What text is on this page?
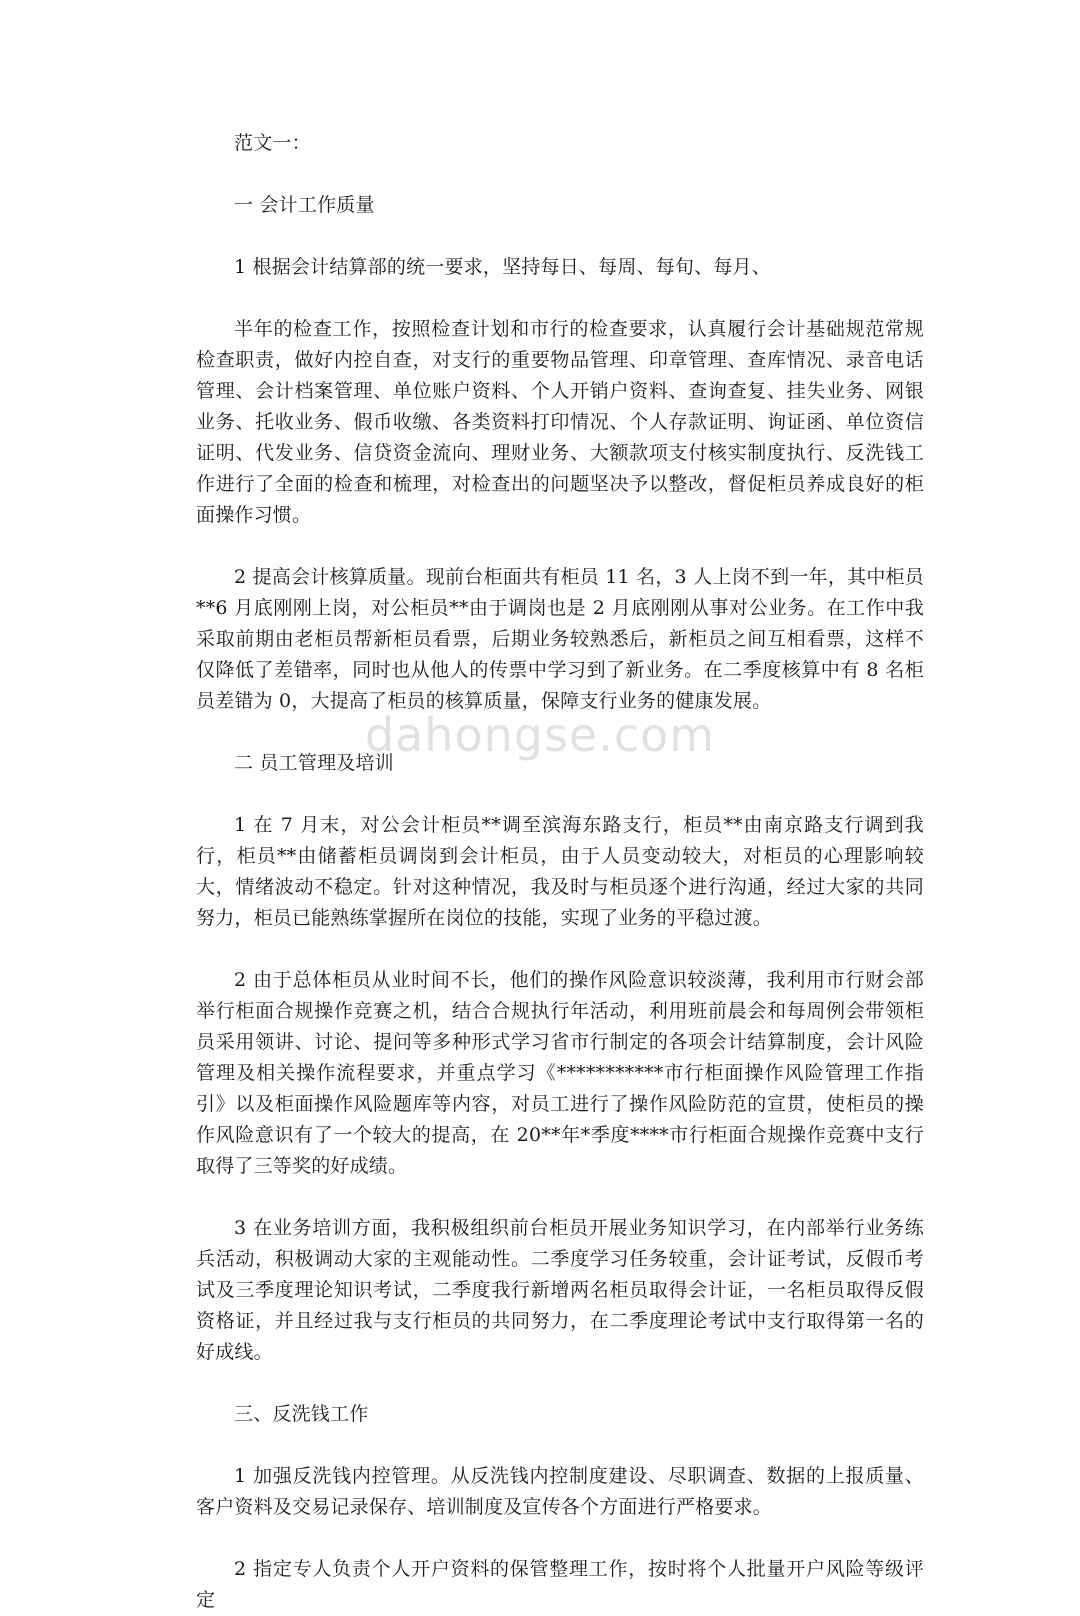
范文一：

一 会计工作质量

1 根据会计结算部的统一要求，坚持每日、每周、每旬、每月、

半年的检查工作，按照检查计划和市行的检查要求，认真履行会计基础规范常规检查职责，做好内控自查，对支行的重要物品管理、印章管理、查库情况、录音电话管理、会计档案管理、单位账户资料、个人开销户资料、查询查复、挂失业务、网银业务、托收业务、假币收缴、各类资料打印情况、个人存款证明、询证函、单位资信证明、代发业务、信贷资金流向、理财业务、大额款项支付核实制度执行、反洗钱工作进行了全面的检查和梳理，对检查出的问题坚决予以整改，督促柜员养成良好的柜面操作习惯。

2 提高会计核算质量。现前台柜面共有柜员 11 名，3 人上岗不到一年，其中柜员**6 月底刚刚上岗，对公柜员**由于调岗也是 2 月底刚刚从事对公业务。在工作中我采取前期由老柜员帮新柜员看票，后期业务较熟悉后，新柜员之间互相看票，这样不仅降低了差错率，同时也从他人的传票中学习到了新业务。在二季度核算中有 8 名柜员差错为 0，大提高了柜员的核算质量，保障支行业务的健康发展。

二 员工管理及培训

1 在 7 月末，对公会计柜员**调至滨海东路支行，柜员**由南京路支行调到我行，柜员**由储蓄柜员调岗到会计柜员，由于人员变动较大，对柜员的心理影响较大，情绪波动不稳定。针对这种情况，我及时与柜员逐个进行沟通，经过大家的共同努力，柜员已能熟练掌握所在岗位的技能，实现了业务的平稳过渡。

2 由于总体柜员从业时间不长，他们的操作风险意识较淡薄，我利用市行财会部举行柜面合规操作竞赛之机，结合合规执行年活动，利用班前晨会和每周例会带领柜员采用领讲、讨论、提问等多种形式学习省市行制定的各项会计结算制度，会计风险管理及相关操作流程要求，并重点学习《***********市行柜面操作风险管理工作指引》以及柜面操作风险题库等内容，对员工进行了操作风险防范的宣贯，使柜员的操作风险意识有了一个较大的提高，在 20**年*季度****市行柜面合规操作竞赛中支行取得了三等奖的好成绩。

3 在业务培训方面，我积极组织前台柜员开展业务知识学习，在内部举行业务练兵活动，积极调动大家的主观能动性。二季度学习任务较重，会计证考试，反假币考试及三季度理论知识考试，二季度我行新增两名柜员取得会计证，一名柜员取得反假资格证，并且经过我与支行柜员的共同努力，在二季度理论考试中支行取得第一名的好成线。

三、反洗钱工作

1 加强反洗钱内控管理。从反洗钱内控制度建设、尽职调查、数据的上报质量、客户资料及交易记录保存、培训制度及宣传各个方面进行严格要求。

2 指定专人负责个人开户资料的保管整理工作，按时将个人批量开户风险等级评定

dahongse.com
